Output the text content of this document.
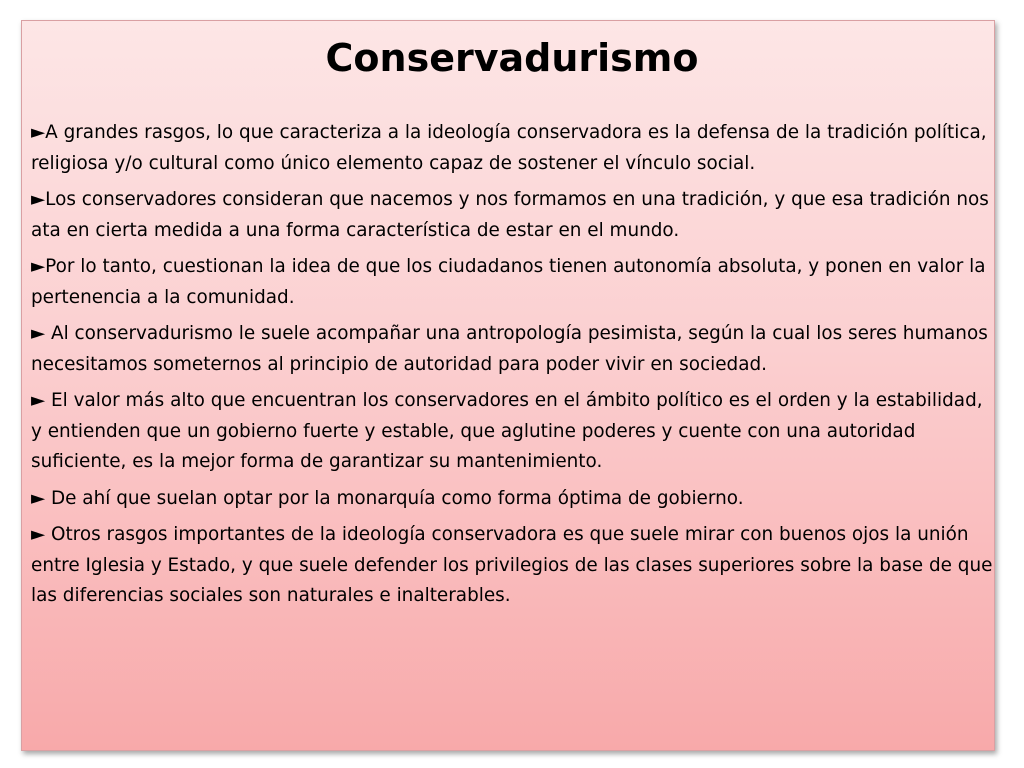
Conservadurismo

►A grandes rasgos, lo que caracteriza a la ideología conservadora es la defensa de la tradición política, religiosa y/o cultural como único elemento capaz de sostener el vínculo social.

►Los conservadores consideran que nacemos y nos formamos en una tradición, y que esa tradición nos ata en cierta medida a una forma característica de estar en el mundo.

►Por lo tanto, cuestionan la idea de que los ciudadanos tienen autonomía absoluta, y ponen en valor la pertenencia a la comunidad.

► Al conservadurismo le suele acompañar una antropología pesimista, según la cual los seres humanos necesitamos someternos al principio de autoridad para poder vivir en sociedad.

► El valor más alto que encuentran los conservadores en el ámbito político es el orden y la estabilidad, y entienden que un gobierno fuerte y estable, que aglutine poderes y cuente con una autoridad suficiente, es la mejor forma de garantizar su mantenimiento.

► De ahí que suelan optar por la monarquía como forma óptima de gobierno.

► Otros rasgos importantes de la ideología conservadora es que suele mirar con buenos ojos la unión entre Iglesia y Estado, y que suele defender los privilegios de las clases superiores sobre la base de que las diferencias sociales son naturales e inalterables.
